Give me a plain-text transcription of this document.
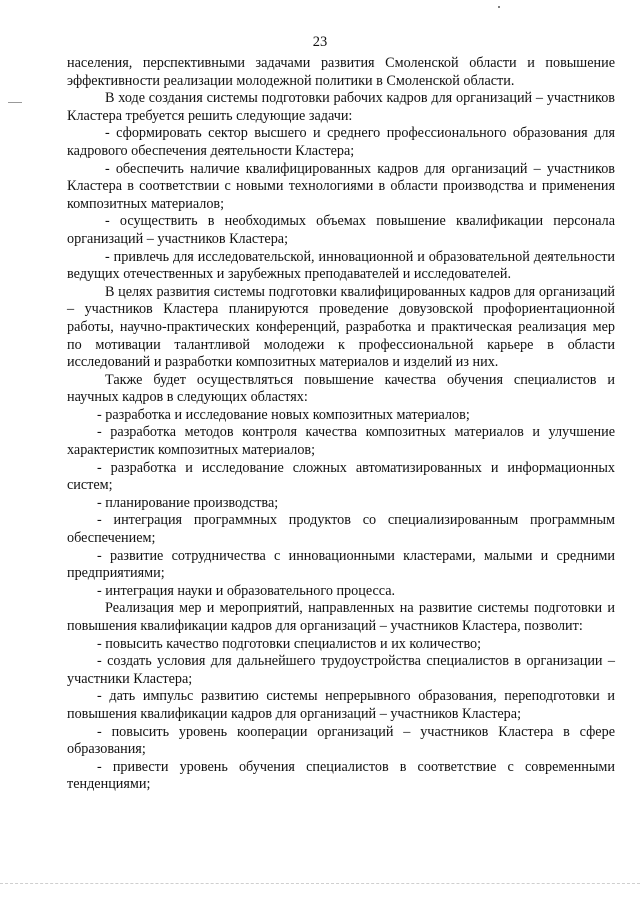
23

населения, перспективными задачами развития Смоленской области и повышение эффективности реализации молодежной политики в Смоленской области.

В ходе создания системы подготовки рабочих кадров для организаций – участников Кластера требуется решить следующие задачи:

- сформировать сектор высшего и среднего профессионального образования для кадрового обеспечения деятельности Кластера;

- обеспечить наличие квалифицированных кадров для организаций – участников Кластера в соответствии с новыми технологиями в области производства и применения композитных материалов;

- осуществить в необходимых объемах повышение квалификации персонала организаций – участников Кластера;

- привлечь для исследовательской, инновационной и образовательной деятельности ведущих отечественных и зарубежных преподавателей и исследователей.

В целях развития системы подготовки квалифицированных кадров для организаций – участников Кластера планируются проведение довузовской профориентационной работы, научно-практических конференций, разработка и практическая реализация мер по мотивации талантливой молодежи к профессиональной карьере в области исследований и разработки композитных материалов и изделий из них.

Также будет осуществляться повышение качества обучения специалистов и научных кадров в следующих областях:

- разработка и исследование новых композитных материалов;

- разработка методов контроля качества композитных материалов и улучшение характеристик композитных материалов;

- разработка и исследование сложных автоматизированных и информационных систем;

- планирование производства;

- интеграция программных продуктов со специализированным программным обеспечением;

- развитие сотрудничества с инновационными кластерами, малыми и средними предприятиями;

- интеграция науки и образовательного процесса.

Реализация мер и мероприятий, направленных на развитие системы подготовки и повышения квалификации кадров для организаций – участников Кластера, позволит:

- повысить качество подготовки специалистов и их количество;

- создать условия для дальнейшего трудоустройства специалистов в организации – участники Кластера;

- дать импульс развитию системы непрерывного образования, переподготовки и повышения квалификации кадров для организаций – участников Кластера;

- повысить уровень кооперации организаций – участников Кластера в сфере образования;

- привести уровень обучения специалистов в соответствие с современными тенденциями;
